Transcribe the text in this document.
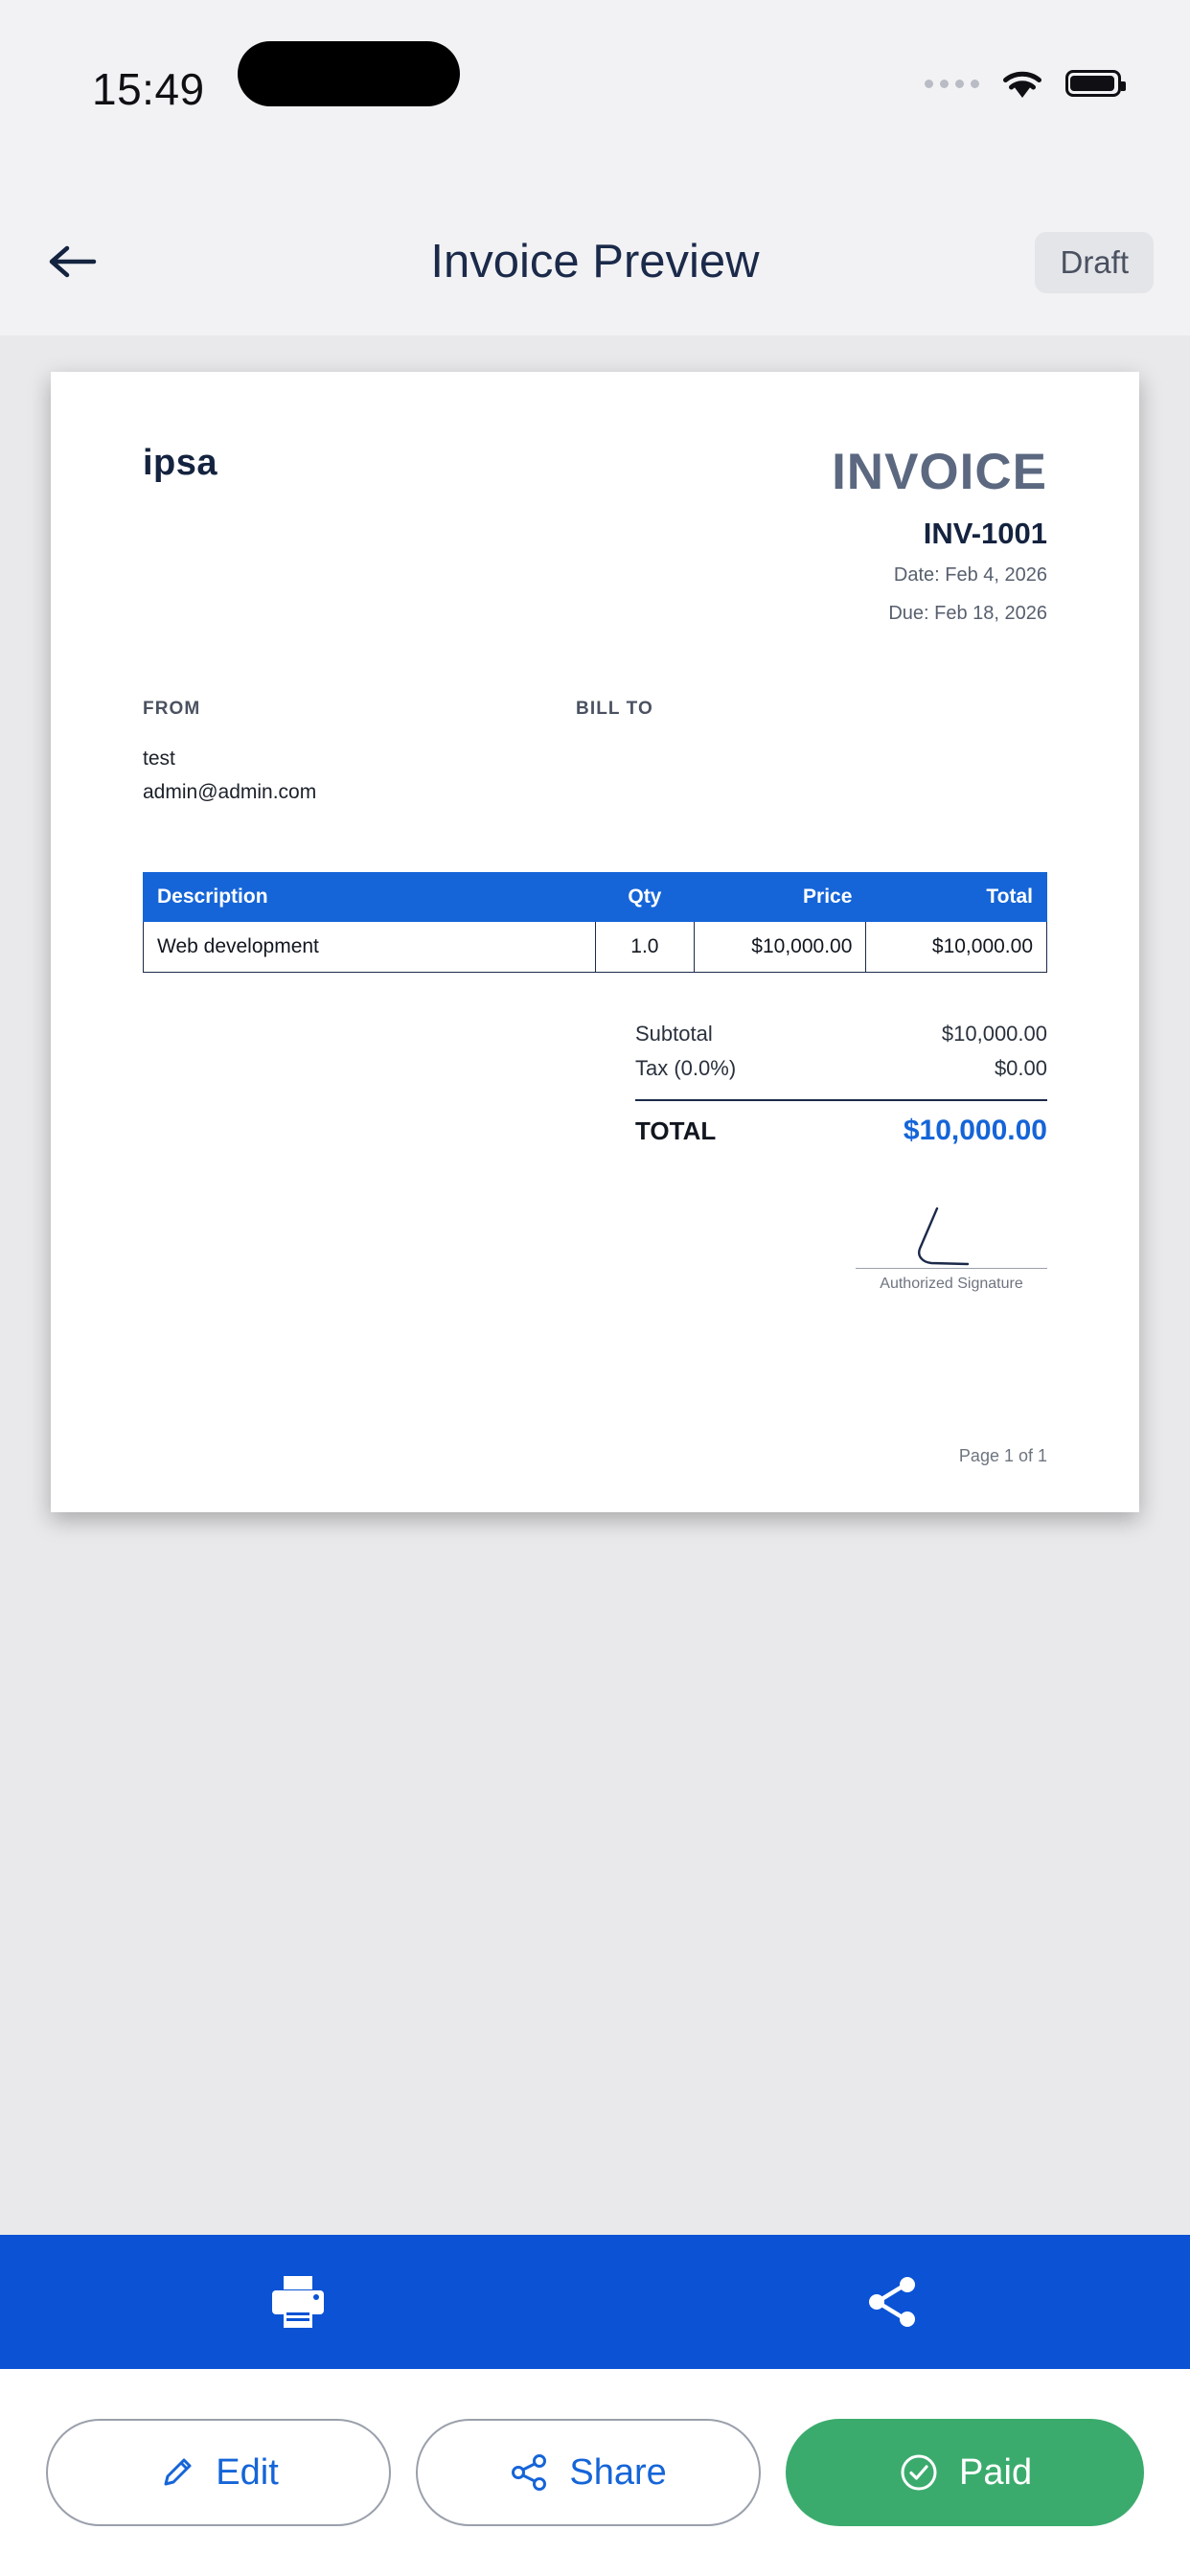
15:49
Invoice Preview	Draft
ipsa	INVOICE
INV-1001
Date: Feb 4, 2026
Due: Feb 18, 2026
FROM
test
admin@admin.com
BILL TO
Description	Qty	Price	Total
Web development	1.0	$10,000.00	$10,000.00
Subtotal	$10,000.00
Tax (0.0%)	$0.00
TOTAL	$10,000.00
Authorized Signature
Page 1 of 1
Edit	Share	Paid
